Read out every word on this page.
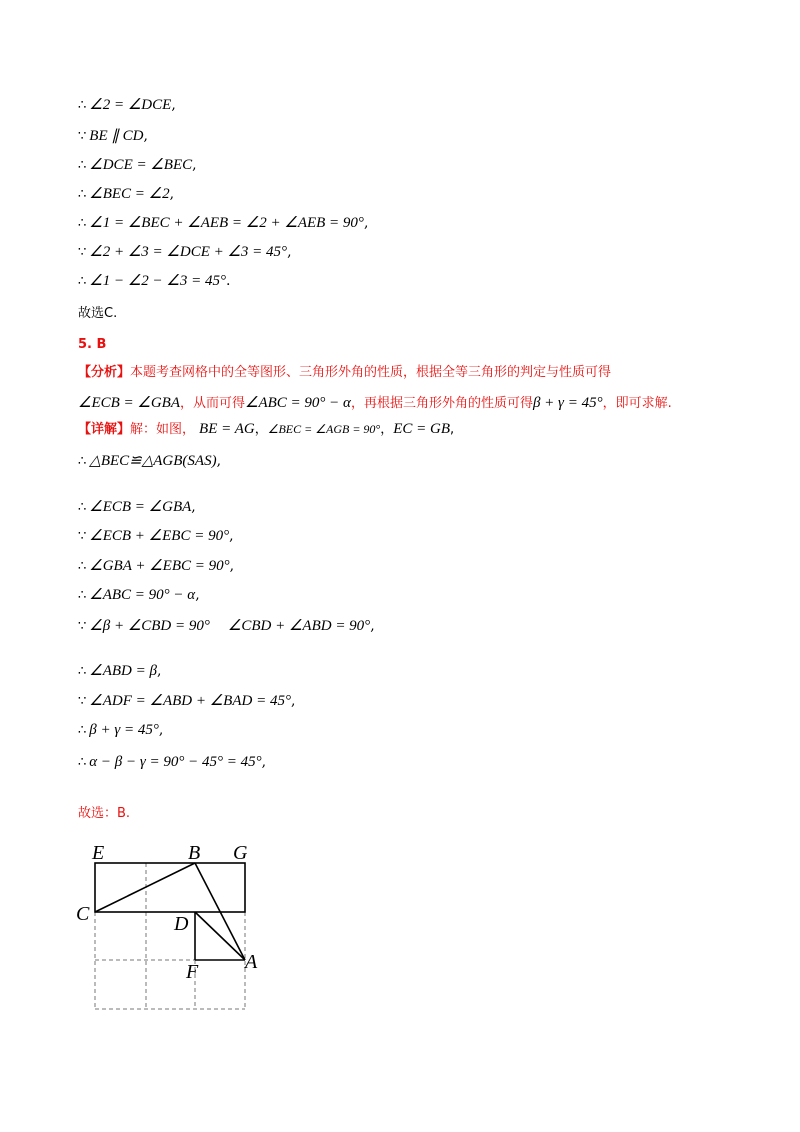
∴ ∠2 = ∠DCE,
∵ BE ∥ CD,
∴ ∠DCE = ∠BEC,
∴ ∠BEC = ∠2,
∴ ∠1 = ∠BEC + ∠AEB = ∠2 + ∠AEB = 90°,
∵ ∠2 + ∠3 = ∠DCE + ∠3 = 45°,
∴ ∠1 − ∠2 − ∠3 = 45°.
故选C.
5. B
【分析】本题考查网格中的全等图形、三角形外角的性质，根据全等三角形的判定与性质可得
∠ECB = ∠GBA，从而可得∠ABC = 90° − α，再根据三角形外角的性质可得β + γ = 45°，即可求解.
【详解】解：如图， BE = AG，∠BEC = ∠AGB = 90°，EC = GB,
∴ △BEC≌△AGB(SAS),
∴ ∠ECB = ∠GBA,
∵ ∠ECB + ∠EBC = 90°,
∴ ∠GBA + ∠EBC = 90°,
∴ ∠ABC = 90° − α,
∵ ∠β + ∠CBD = 90° ∠CBD + ∠ABD = 90°,
∴ ∠ABD = β,
∵ ∠ADF = ∠ABD + ∠BAD = 45°,
∴ β + γ = 45°,
∴ α − β − γ = 90° − 45° = 45°,
故选：B.
E	B G
C	D
F A
